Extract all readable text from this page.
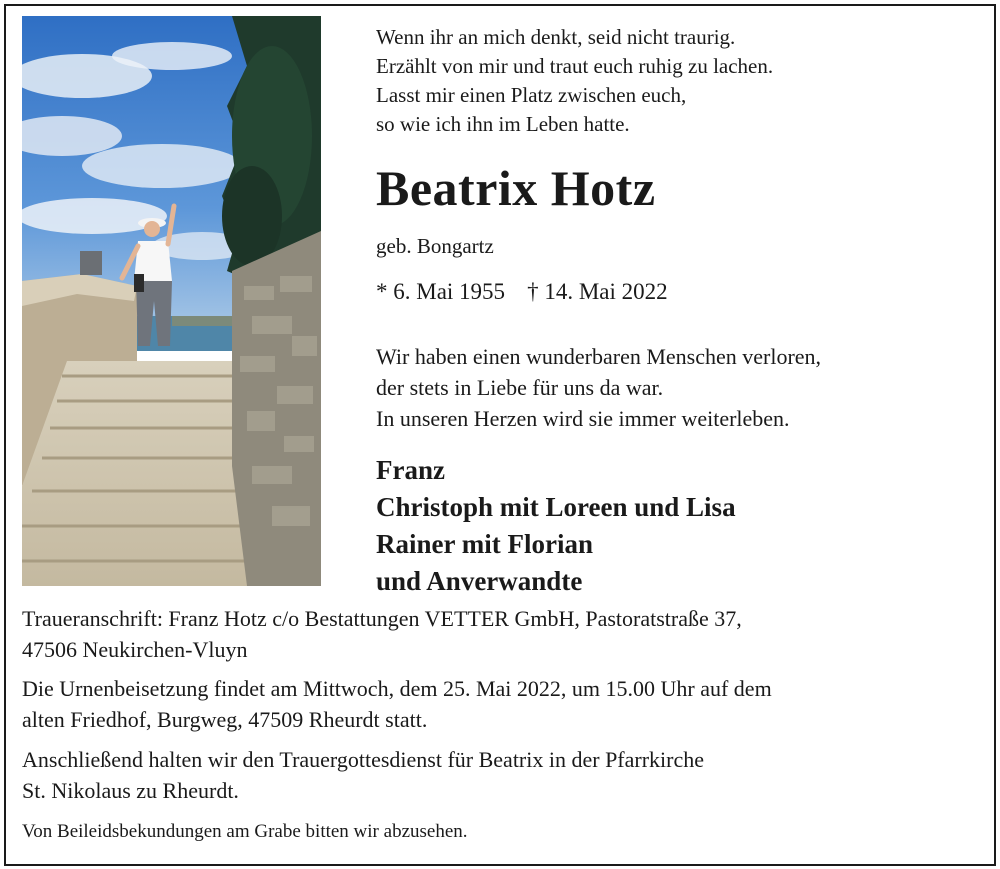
Wenn ihr an mich denkt, seid nicht traurig.
Erzählt von mir und traut euch ruhig zu lachen.
Lasst mir einen Platz zwischen euch,
so wie ich ihn im Leben hatte.
Beatrix Hotz
geb. Bongartz
* 6. Mai 1955 † 14. Mai 2022
Wir haben einen wunderbaren Menschen verloren,
der stets in Liebe für uns da war.
In unseren Herzen wird sie immer weiterleben.
Franz
Christoph mit Loreen und Lisa
Rainer mit Florian
und Anverwandte
Traueranschrift: Franz Hotz c/o Bestattungen VETTER GmbH, Pastoratstraße 37,
47506 Neukirchen-Vluyn
Die Urnenbeisetzung findet am Mittwoch, dem 25. Mai 2022, um 15.00 Uhr auf dem
alten Friedhof, Burgweg, 47509 Rheurdt statt.
Anschließend halten wir den Trauergottesdienst für Beatrix in der Pfarrkirche
St. Nikolaus zu Rheurdt.
Von Beileidsbekundungen am Grabe bitten wir abzusehen.
